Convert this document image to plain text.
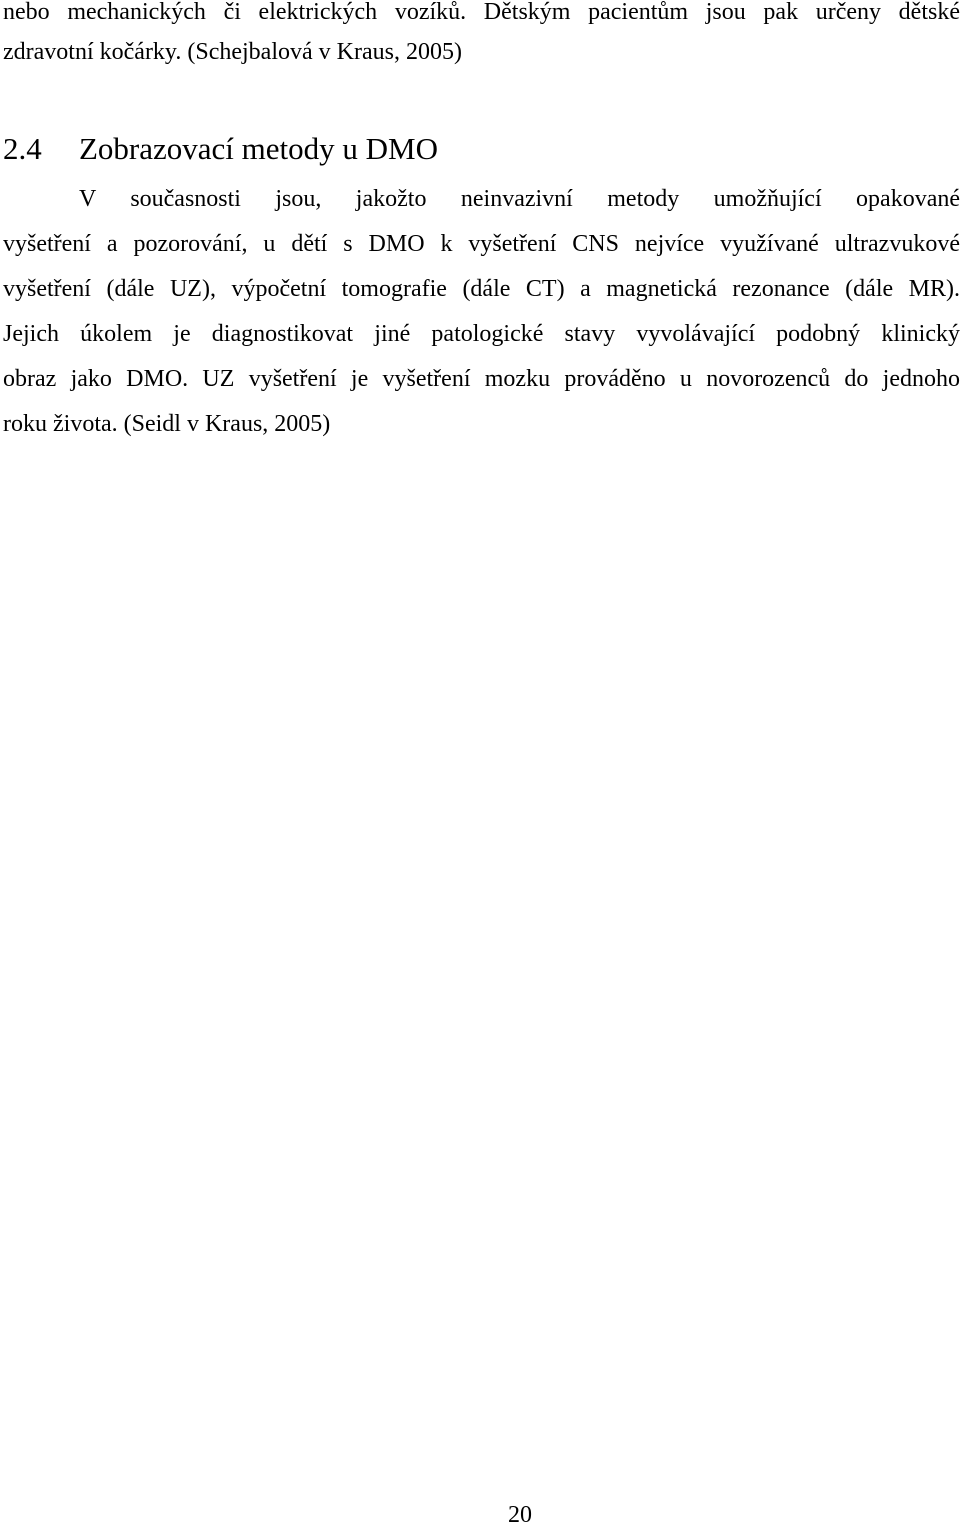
nebo mechanických či elektrických vozíků. Dětským pacientům jsou pak určeny dětské
zdravotní kočárky. (Schejbalová v Kraus, 2005)
2.4 Zobrazovací metody u DMO
V současnosti jsou, jakožto neinvazivní metody umožňující opakované
vyšetření a pozorování, u dětí s DMO k vyšetření CNS nejvíce využívané ultrazvukové
vyšetření (dále UZ), výpočetní tomografie (dále CT) a magnetická rezonance (dále MR).
Jejich úkolem je diagnostikovat jiné patologické stavy vyvolávající podobný klinický
obraz jako DMO. UZ vyšetření je vyšetření mozku prováděno u novorozenců do jednoho
roku života. (Seidl v Kraus, 2005)
20
